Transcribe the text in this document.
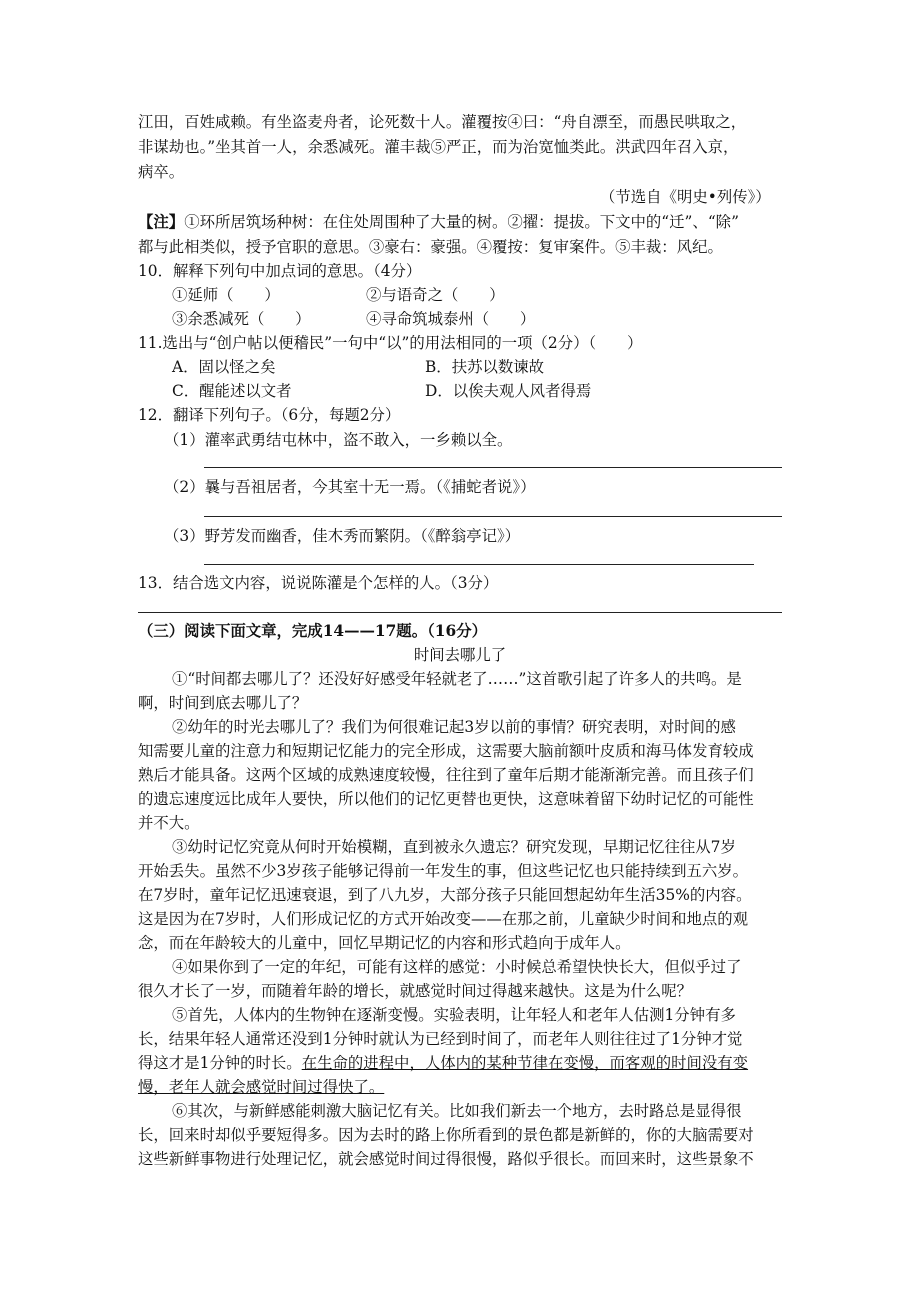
江田，百姓咸赖。有坐盗麦舟者，论死数十人。灌覆按④曰：“舟自漂至，而愚民哄取之，
非谋劫也。”坐其首一人，余悉减死。灌丰裁⑤严正，而为治宽恤类此。洪武四年召入京，
病卒。
（节选自《明史•列传》）
【注】①环所居筑场种树：在住处周围种了大量的树。②擢：提拔。下文中的“迁”、“除”
都与此相类似，授予官职的意思。③豪右：豪强。④覆按：复审案件。⑤丰裁：风纪。
10．解释下列句中加点词的意思。（4分）
①延师（　　）	②与语奇之（　　）
③余悉减死（　　）	④寻命筑城泰州（　　）
11.选出与“创户帖以便稽民”一句中“以”的用法相同的一项（2分）（　　）
A．固以怪之矣	B．扶苏以数谏故
C．醒能述以文者	D．以俟夫观人风者得焉
12．翻译下列句子。（6分，每题2分）
（1）灌率武勇结屯林中，盗不敢入，一乡赖以全。
（2）曩与吾祖居者，今其室十无一焉。（《捕蛇者说》）
（3）野芳发而幽香，佳木秀而繁阴。（《醉翁亭记》）
13．结合选文内容，说说陈灌是个怎样的人。（3分）
（三）阅读下面文章，完成14——17题。（16分）
时间去哪儿了
①“时间都去哪儿了？还没好好感受年轻就老了……”这首歌引起了许多人的共鸣。是
啊，时间到底去哪儿了？
②幼年的时光去哪儿了？我们为何很难记起3岁以前的事情？研究表明，对时间的感
知需要儿童的注意力和短期记忆能力的完全形成，这需要大脑前额叶皮质和海马体发育较成
熟后才能具备。这两个区域的成熟速度较慢，往往到了童年后期才能渐渐完善。而且孩子们
的遗忘速度远比成年人要快，所以他们的记忆更替也更快，这意味着留下幼时记忆的可能性
并不大。
③幼时记忆究竟从何时开始模糊，直到被永久遗忘？研究发现，早期记忆往往从7岁
开始丢失。虽然不少3岁孩子能够记得前一年发生的事，但这些记忆也只能持续到五六岁。
在7岁时，童年记忆迅速衰退，到了八九岁，大部分孩子只能回想起幼年生活35%的内容。
这是因为在7岁时，人们形成记忆的方式开始改变——在那之前，儿童缺少时间和地点的观
念，而在年龄较大的儿童中，回忆早期记忆的内容和形式趋向于成年人。
④如果你到了一定的年纪，可能有这样的感觉：小时候总希望快快长大，但似乎过了
很久才长了一岁，而随着年龄的增长，就感觉时间过得越来越快。这是为什么呢？
⑤首先，人体内的生物钟在逐渐变慢。实验表明，让年轻人和老年人估测1分钟有多
长，结果年轻人通常还没到1分钟时就认为已经到时间了，而老年人则往往过了1分钟才觉
得这才是1分钟的时长。在生命的进程中，人体内的某种节律在变慢，而客观的时间没有变
慢，老年人就会感觉时间过得快了。
⑥其次，与新鲜感能刺激大脑记忆有关。比如我们新去一个地方，去时路总是显得很
长，回来时却似乎要短得多。因为去时的路上你所看到的景色都是新鲜的，你的大脑需要对
这些新鲜事物进行处理记忆，就会感觉时间过得很慢，路似乎很长。而回来时，这些景象不
